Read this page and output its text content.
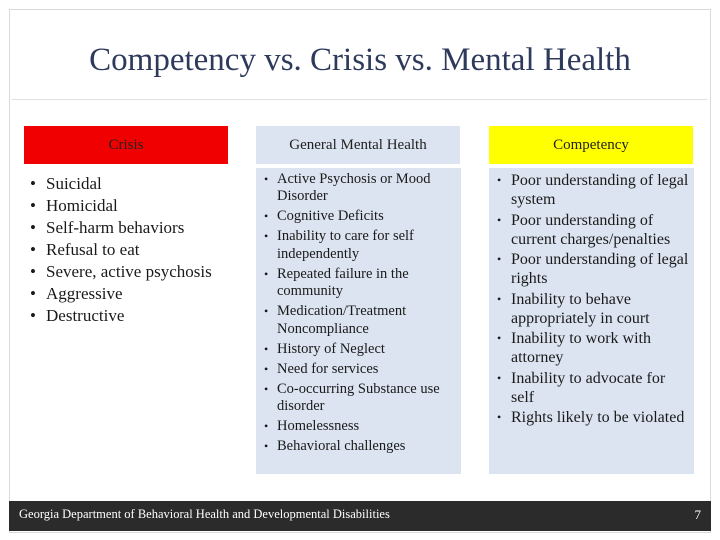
Competency vs. Crisis vs. Mental Health
Crisis	General Mental Health	Competency
• Suicidal
• Homicidal
• Self-harm behaviors
• Refusal to eat
• Severe, active psychosis
• Aggressive
• Destructive
• Active Psychosis or Mood Disorder
• Cognitive Deficits
• Inability to care for self independently
• Repeated failure in the community
• Medication/Treatment Noncompliance
• History of Neglect
• Need for services
• Co-occurring Substance use disorder
• Homelessness
• Behavioral challenges
• Poor understanding of legal system
• Poor understanding of current charges/penalties
• Poor understanding of legal rights
• Inability to behave appropriately in court
• Inability to work with attorney
• Inability to advocate for self
• Rights likely to be violated
Georgia Department of Behavioral Health and Developmental Disabilities	7
